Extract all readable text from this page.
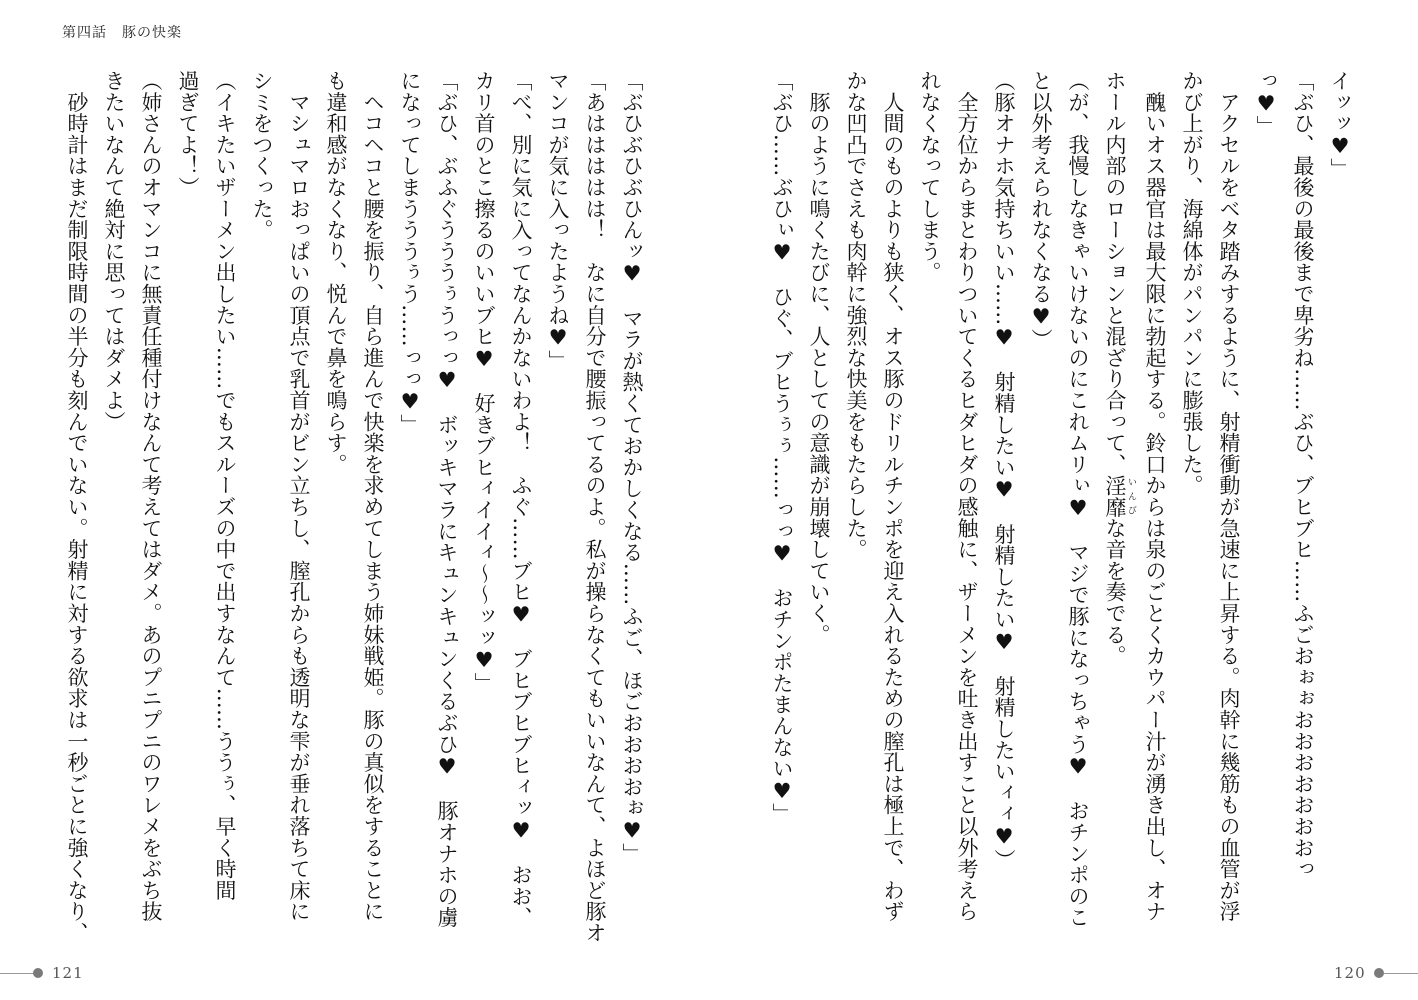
第四話　豚の快楽
イッッ♥」
「ぶひ、最後の最後まで卑劣ね……ぶひ、ブヒブヒ……ふごおぉぉおおおおおおおっ
っ♥」
　アクセルをベタ踏みするように、射精衝動が急速に上昇する。肉幹に幾筋もの血管が浮
かび上がり、海綿体がパンパンに膨張した。
　醜いオス器官は最大限に勃起する。鈴口からは泉のごとくカウパー汁が湧き出し、オナ
ホール内部のローションと混ざり合って、淫靡 いんびな音を奏でる。
（が、我慢しなきゃいけないのにこれムリぃ♥　マジで豚になっちゃう♥　おチンポのこ
と以外考えられなくなる♥）
（豚オナホ気持ちいい……♥　射精したい♥　射精したい♥　射精したいィィ♥）
　全方位からまとわりついてくるヒダヒダの感触に、ザーメンを吐き出すこと以外考えら
れなくなってしまう。
　人間のものよりも狭く、オス豚のドリルチンポを迎え入れるための膣孔は極上で、わず
かな凹凸でさえも肉幹に強烈な快美をもたらした。
　豚のように鳴くたびに、人としての意識が崩壊していく。
「ぶひ……ぶひぃ♥　ひぐ、ブヒうぅぅ……っっ♥　おチンポたまんない♥」
「ぶひぶひぶひんッ♥　マラが熱くておかしくなる……ふご、ほごおおおおぉ♥」
「あははははは！　なに自分で腰振ってるのよ。私が操らなくてもいいなんて、よほど豚オ
マンコが気に入ったようね♥」
「べ、別に気に入ってなんかないわよ！　ふぐ……ブヒ♥　ブヒブヒブヒィッ♥　おお、
カリ首のとこ擦るのいいブヒ♥　好きブヒィイイィ～～ッッ♥」
「ぶひ、ぶふぐうううぅうっっ♥　ボッキマラにキュンキュンくるぶひ♥　豚オナホの虜
になってしまうううぅう……っっ♥」
　ヘコヘコと腰を振り、自ら進んで快楽を求めてしまう姉妹戦姫。豚の真似をすることに
も違和感がなくなり、悦んで鼻を鳴らす。
　マシュマロおっぱいの頂点で乳首がビン立ちし、膣孔からも透明な雫が垂れ落ちて床に
シミをつくった。
（イキたいザーメン出したい……でもスルーズの中で出すなんて……ううぅ、早く時間
過ぎてよ！）
（姉さんのオマンコに無責任種付けなんて考えてはダメ。あのプニプニのワレメをぶち抜
きたいなんて絶対に思ってはダメよ）
　砂時計はまだ制限時間の半分も刻んでいない。射精に対する欲求は一秒ごとに強くなり、
121	120
